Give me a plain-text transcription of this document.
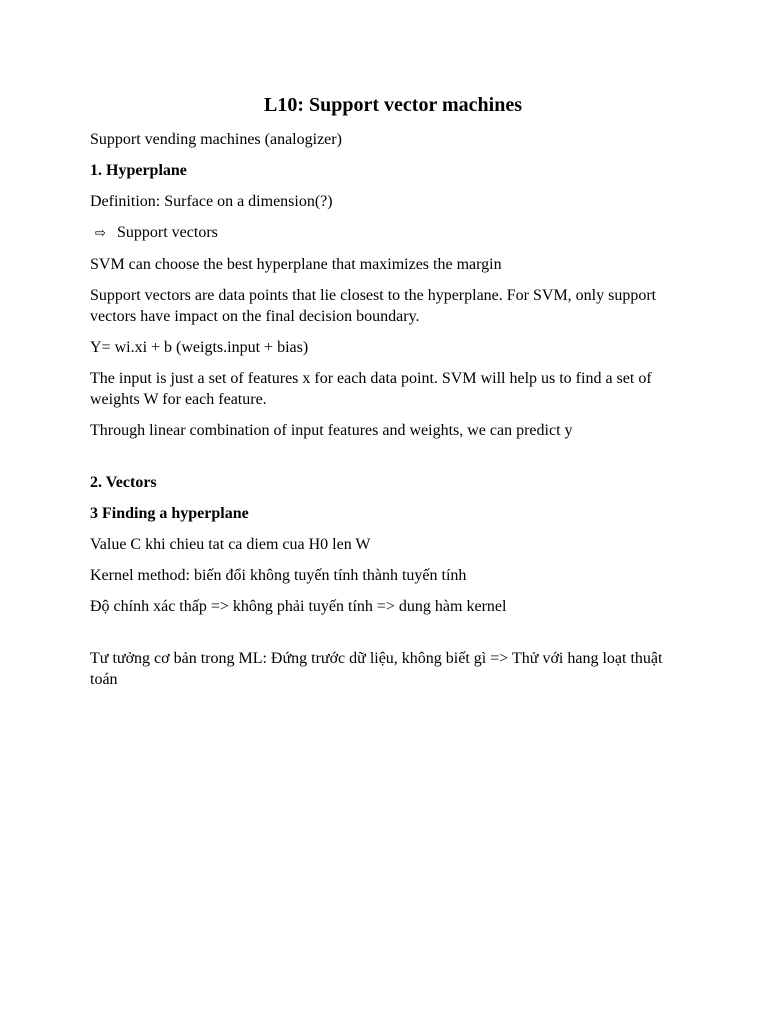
L10: Support vector machines

Support vending machines (analogizer)

1. Hyperplane

Definition: Surface on a dimension(?)

⇨ Support vectors

SVM can choose the best hyperplane that maximizes the margin

Support vectors are data points that lie closest to the hyperplane. For SVM, only support vectors have impact on the final decision boundary.

Y= wi.xi + b (weigts.input + bias)

The input is just a set of features x for each data point. SVM will help us to find a set of weights W for each feature.

Through linear combination of input features and weights, we can predict y

2. Vectors

3 Finding a hyperplane

Value C khi chieu tat ca diem cua H0 len W

Kernel method: biến đổi không tuyến tính thành tuyến tính

Độ chính xác thấp => không phải tuyến tính => dung hàm kernel

Tư tưởng cơ bản trong ML: Đứng trước dữ liệu, không biết gì => Thử với hang loạt thuật toán
